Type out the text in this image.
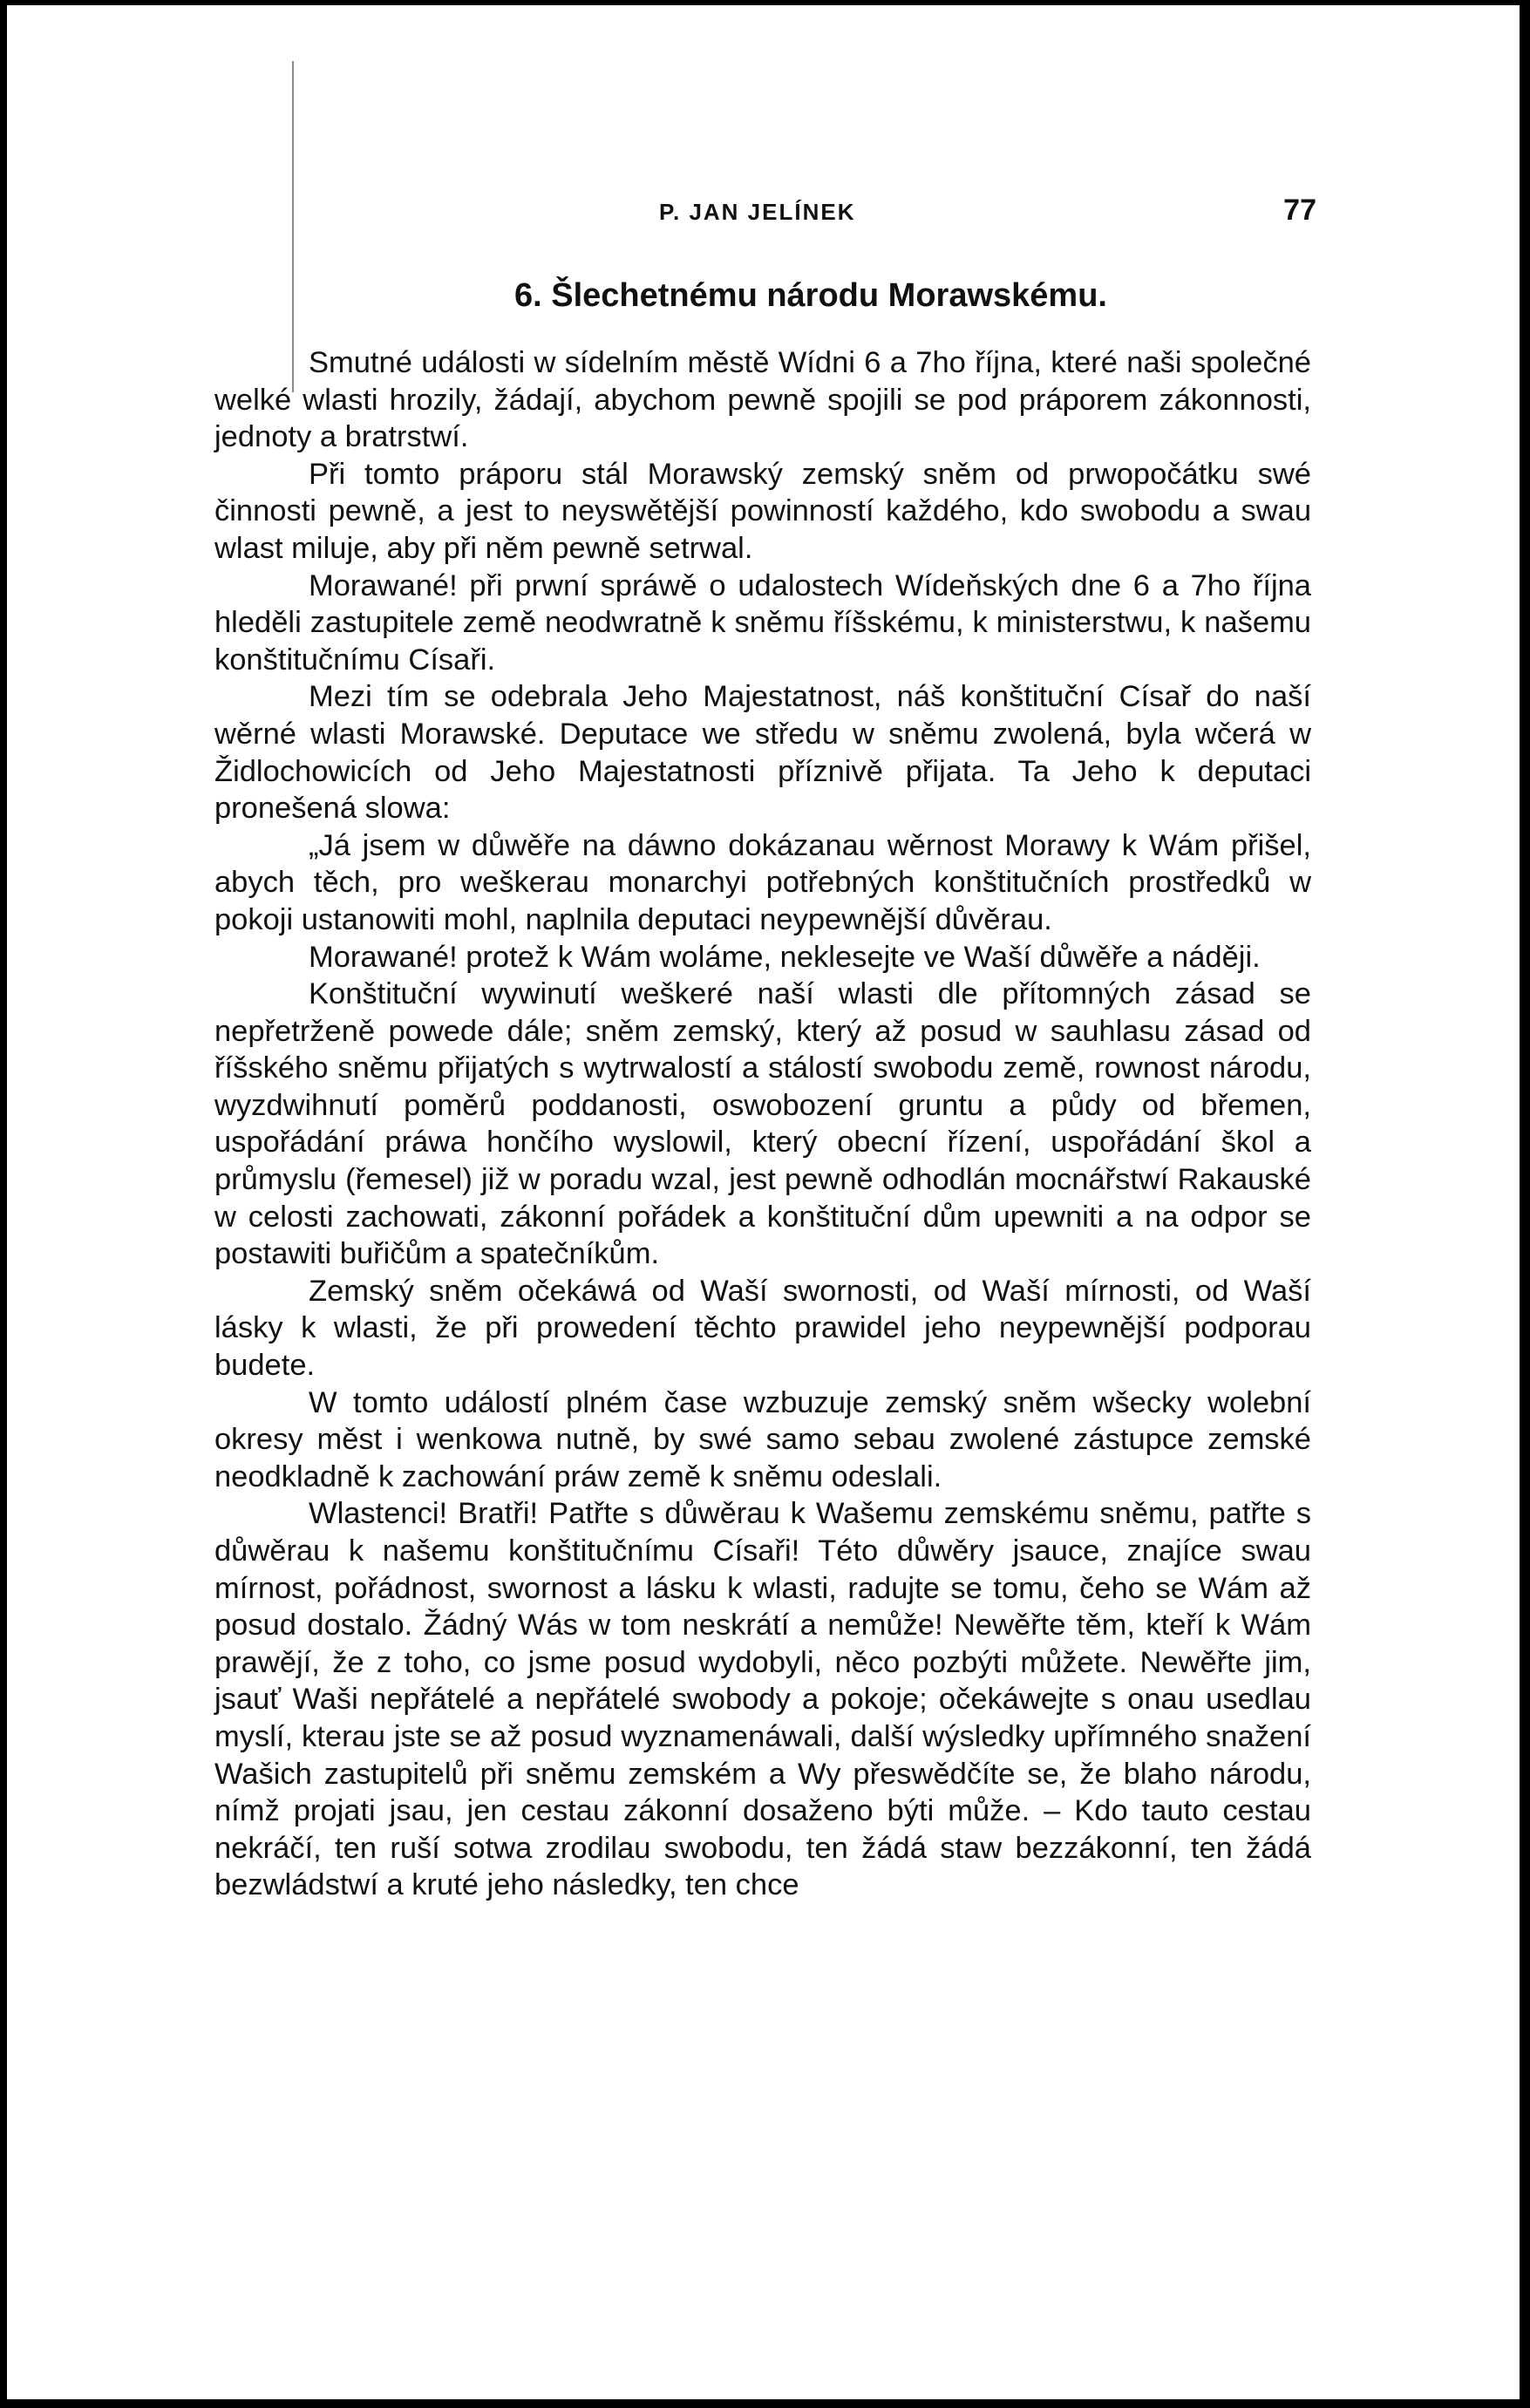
P. JAN JELÍNEK	77
6. Šlechetnému národu Morawskému.

Smutné události w sídelním městě Wídni 6 a 7ho října, které naši společné welké wlasti hrozily, žádají, abychom pewně spojili se pod práporem zákonnosti, jednoty a bratrstwí.

Při tomto práporu stál Morawský zemský sněm od prwopočátku swé činnosti pewně, a jest to neyswětější powinností každého, kdo swobodu a swau wlast miluje, aby při něm pewně setrwal.

Morawané! při prwní spráwě o udalostech Wídeňských dne 6 a 7ho října hleděli zastupitele země neodwratně k sněmu říšskému, k ministerstwu, k našemu konštitučnímu Císaři.

Mezi tím se odebrala Jeho Majestatnost, náš konštituční Císař do naší wěrné wlasti Morawské. Deputace we středu w sněmu zwolená, byla wčerá w Židlochowicích od Jeho Majestatnosti příznivě přijata. Ta Jeho k deputaci pronešená slowa:

„Já jsem w důwěře na dáwno dokázanau wěrnost Morawy k Wám přišel, abych těch, pro weškerau monarchyi potřebných konštitučních prostředků w pokoji ustanowiti mohl, naplnila deputaci neypewnější důvěrau.

Morawané! protež k Wám woláme, neklesejte ve Waší důwěře a náději.

Konštituční wywinutí weškeré naší wlasti dle přítomných zásad se nepřetrženě powede dále; sněm zemský, který až posud w sauhlasu zásad od říšského sněmu přijatých s wytrwalostí a stálostí swobodu země, rownost národu, wyzdwihnutí poměrů poddanosti, oswobození gruntu a půdy od břemen, uspořádání práwa hončího wyslowil, který obecní řízení, uspořádání škol a průmyslu (řemesel) již w poradu wzal, jest pewně odhodlán mocnářstwí Rakauské w celosti zachowati, zákonní pořádek a konštituční dům upewniti a na odpor se postawiti buřičům a spatečníkům.

Zemský sněm očekáwá od Waší swornosti, od Waší mírnosti, od Waší lásky k wlasti, že při prowedení těchto prawidel jeho neypewnější podporau budete.

W tomto událostí plném čase wzbuzuje zemský sněm wšecky wolební okresy měst i wenkowa nutně, by swé samo sebau zwolené zástupce zemské neodkladně k zachowání práw země k sněmu odeslali.

Wlastenci! Bratři! Patřte s důwěrau k Wašemu zemskému sněmu, patřte s důwěrau k našemu konštitučnímu Císaři! Této důwěry jsauce, znajíce swau mírnost, pořádnost, swornost a lásku k wlasti, radujte se tomu, čeho se Wám až posud dostalo. Žádný Wás w tom neskrátí a nemůže! Newěřte těm, kteří k Wám prawějí, že z toho, co jsme posud wydobyli, něco pozbýti můžete. Newěřte jim, jsauť Waši nepřátelé a nepřátelé swobody a pokoje; očekáwejte s onau usedlau myslí, kterau jste se až posud wyznamenáwali, další wýsledky upřímného snažení Wašich zastupitelů při sněmu zemském a Wy přeswědčíte se, že blaho národu, nímž projati jsau, jen cestau zákonní dosaženo býti může. – Kdo tauto cestau nekráčí, ten ruší sotwa zrodilau swobodu, ten žádá staw bezzákonní, ten žádá bezwládstwí a kruté jeho následky, ten chce
